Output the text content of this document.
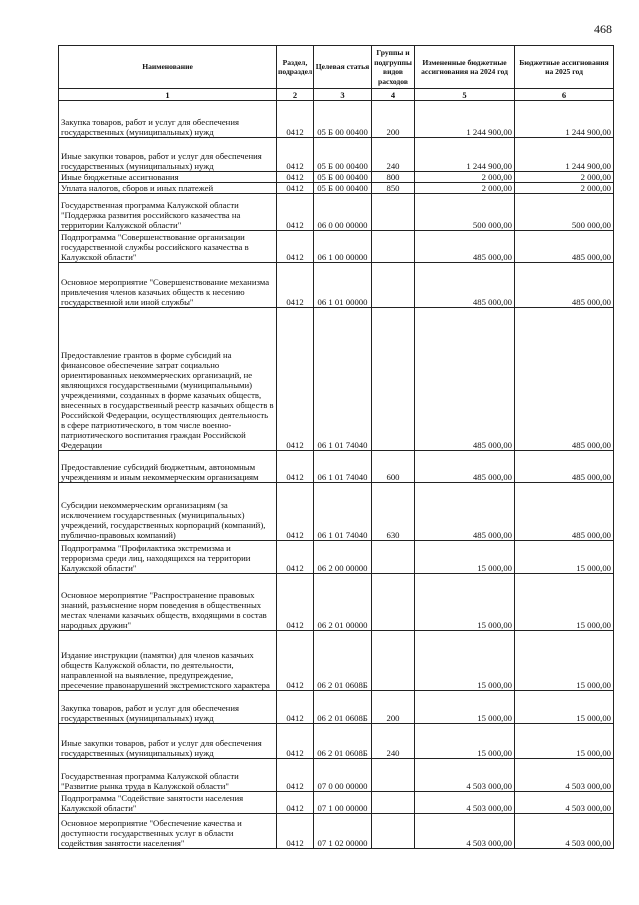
468
Наименование	Раздел, подраздел	Целевая статья	Группы и подгруппы видов расходов	Измененные бюджетные ассигнования на 2024 год	Бюджетные ассигнования на 2025 год
1	2	3	4	5	6
Закупка товаров, работ и услуг для обеспечения государственных (муниципальных) нужд	0412	05 Б 00 00400	200	1 244 900,00	1 244 900,00
Иные закупки товаров, работ и услуг для обеспечения государственных (муниципальных) нужд	0412	05 Б 00 00400	240	1 244 900,00	1 244 900,00
Иные бюджетные ассигнования	0412	05 Б 00 00400	800	2 000,00	2 000,00
Уплата налогов, сборов и иных платежей	0412	05 Б 00 00400	850	2 000,00	2 000,00
Государственная программа Калужской области "Поддержка развития российского казачества на территории Калужской области"	0412	06 0 00 00000		500 000,00	500 000,00
Подпрограмма "Совершенствование организации государственной службы российского казачества в Калужской области"	0412	06 1 00 00000		485 000,00	485 000,00
Основное мероприятие "Совершенствование механизма привлечения членов казачьих обществ к несению государственной или иной службы"	0412	06 1 01 00000		485 000,00	485 000,00
Предоставление грантов в форме субсидий на финансовое обеспечение затрат социально ориентированных некоммерческих организаций, не являющихся государственными (муниципальными) учреждениями, созданных в форме казачьих обществ, внесенных в государственный реестр казачьих обществ в Российской Федерации, осуществляющих деятельность в сфере патриотического, в том числе военно-патриотического воспитания граждан Российской Федерации	0412	06 1 01 74040		485 000,00	485 000,00
Предоставление субсидий бюджетным, автономным учреждениям и иным некоммерческим организациям	0412	06 1 01 74040	600	485 000,00	485 000,00
Субсидии некоммерческим организациям (за исключением государственных (муниципальных) учреждений, государственных корпораций (компаний), публично-правовых компаний)	0412	06 1 01 74040	630	485 000,00	485 000,00
Подпрограмма "Профилактика экстремизма и терроризма среди лиц, находящихся на территории Калужской области"	0412	06 2 00 00000		15 000,00	15 000,00
Основное мероприятие "Распространение правовых знаний, разъяснение норм поведения в общественных местах членами казачьих обществ, входящими в состав народных дружин"	0412	06 2 01 00000		15 000,00	15 000,00
Издание инструкции (памятки) для членов казачьих обществ Калужской области, по деятельности, направленной на выявление, предупреждение, пресечение правонарушений экстремистского характера	0412	06 2 01 0608Б		15 000,00	15 000,00
Закупка товаров, работ и услуг для обеспечения государственных (муниципальных) нужд	0412	06 2 01 0608Б	200	15 000,00	15 000,00
Иные закупки товаров, работ и услуг для обеспечения государственных (муниципальных) нужд	0412	06 2 01 0608Б	240	15 000,00	15 000,00
Государственная программа Калужской области "Развитие рынка труда в Калужской области"	0412	07 0 00 00000		4 503 000,00	4 503 000,00
Подпрограмма "Содействие занятости населения Калужской области"	0412	07 1 00 00000		4 503 000,00	4 503 000,00
Основное мероприятие "Обеспечение качества и доступности государственных услуг в области содействия занятости населения"	0412	07 1 02 00000		4 503 000,00	4 503 000,00
